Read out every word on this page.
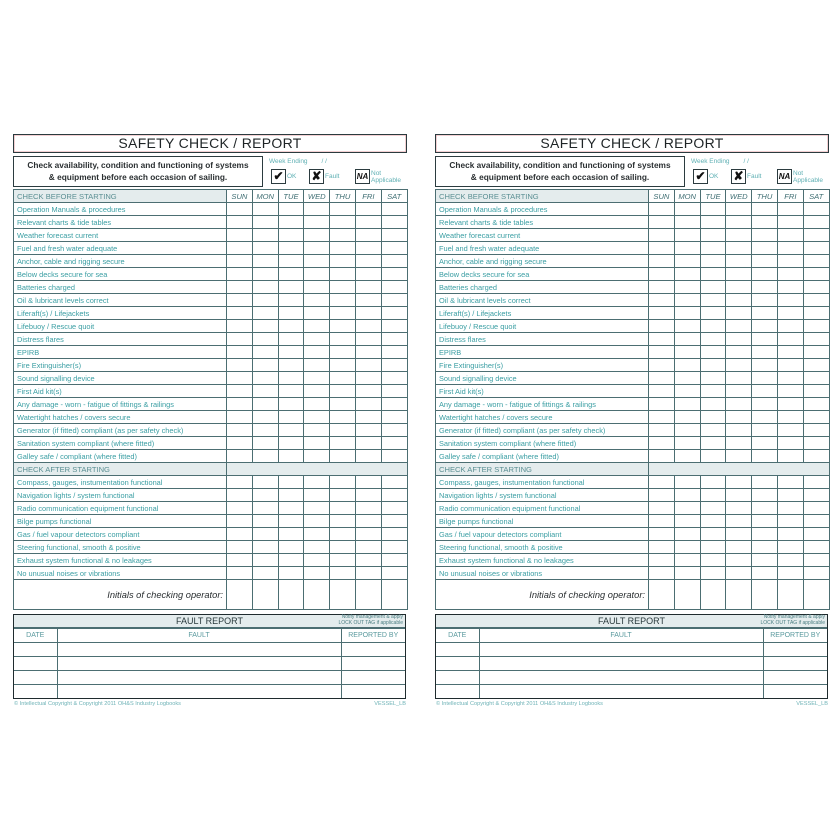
SAFETY CHECK / REPORT
Check availability, condition and functioning of systems
& equipment before each occasion of sailing.
Week Ending / /
✔ OK ✘ Fault NA Not Applicable
CHECK BEFORE STARTING	SUN	MON	TUE	WED	THU	FRI	SAT
Operation Manuals & procedures							
Relevant charts & tide tables							
Weather forecast current							
Fuel and fresh water adequate							
Anchor, cable and rigging secure							
Below decks secure for sea							
Batteries charged							
Oil & lubricant levels correct							
Liferaft(s) / Lifejackets							
Lifebuoy / Rescue quoit							
Distress flares							
EPIRB							
Fire Extinguisher(s)							
Sound signalling device							
First Aid kit(s)							
Any damage - worn - fatigue of fittings & railings							
Watertight hatches / covers secure							
Generator (if fitted) compliant (as per safety check)							
Sanitation system compliant (where fitted)							
Galley safe / compliant (where fitted)							
CHECK AFTER STARTING							
Compass, gauges, instumentation functional							
Navigation lights / system functional							
Radio communication equipment functional							
Bilge pumps functional							
Gas / fuel vapour detectors compliant							
Steering functional, smooth & positive							
Exhaust system functional & no leakages							
No unusual noises or vibrations							
Initials of checking operator:							
FAULT REPORT	Notify management & apply
LOCK OUT TAG if applicable
DATE	FAULT	REPORTED BY

© Intellectual Copyright & Copyright 2011 OH&S Industry Logbooks	VESSEL_LB
SAFETY CHECK / REPORT
Check availability, condition and functioning of systems
& equipment before each occasion of sailing.
Week Ending / /
✔ OK ✘ Fault NA Not Applicable
CHECK BEFORE STARTING	SUN	MON	TUE	WED	THU	FRI	SAT
Operation Manuals & procedures							
Relevant charts & tide tables							
Weather forecast current							
Fuel and fresh water adequate							
Anchor, cable and rigging secure							
Below decks secure for sea							
Batteries charged							
Oil & lubricant levels correct							
Liferaft(s) / Lifejackets							
Lifebuoy / Rescue quoit							
Distress flares							
EPIRB							
Fire Extinguisher(s)							
Sound signalling device							
First Aid kit(s)							
Any damage - worn - fatigue of fittings & railings							
Watertight hatches / covers secure							
Generator (if fitted) compliant (as per safety check)							
Sanitation system compliant (where fitted)							
Galley safe / compliant (where fitted)							
CHECK AFTER STARTING							
Compass, gauges, instumentation functional							
Navigation lights / system functional							
Radio communication equipment functional							
Bilge pumps functional							
Gas / fuel vapour detectors compliant							
Steering functional, smooth & positive							
Exhaust system functional & no leakages							
No unusual noises or vibrations							
Initials of checking operator:							
FAULT REPORT	Notify management & apply
LOCK OUT TAG if applicable
DATE	FAULT	REPORTED BY

© Intellectual Copyright & Copyright 2011 OH&S Industry Logbooks	VESSEL_LB
